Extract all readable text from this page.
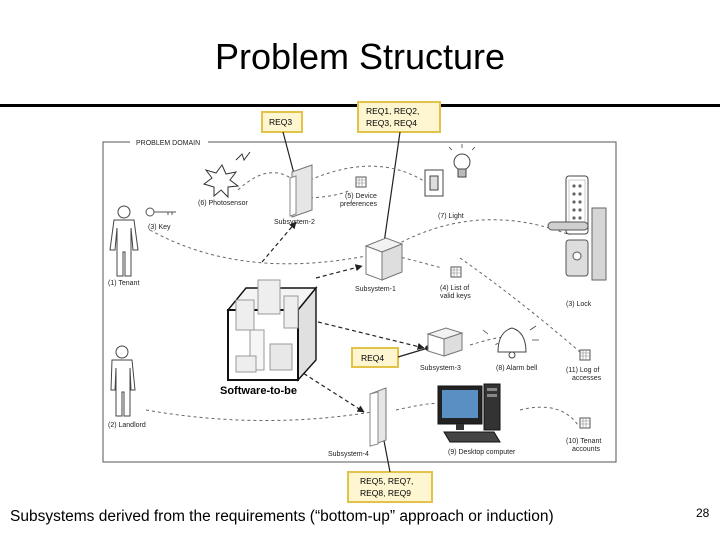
Problem Structure
PROBLEM DOMAIN
REQ3
REQ1, REQ2,
REQ3, REQ4
REQ4
REQ5, REQ7,
REQ8, REQ9
(6) Photosensor
Subsystem-2
(5) Device
preferences
(7) Light
(3) Lock
(1) Tenant
(3) Key
Subsystem-1	(4) List of
valid keys
Software-to-be
Subsystem-3	(8) Alarm bell	(11) Log of
accesses
(2) Landlord
Subsystem-4	(9) Desktop computer
(10) Tenant
accounts
Subsystems derived from the requirements (“bottom-up” approach or induction)	28
